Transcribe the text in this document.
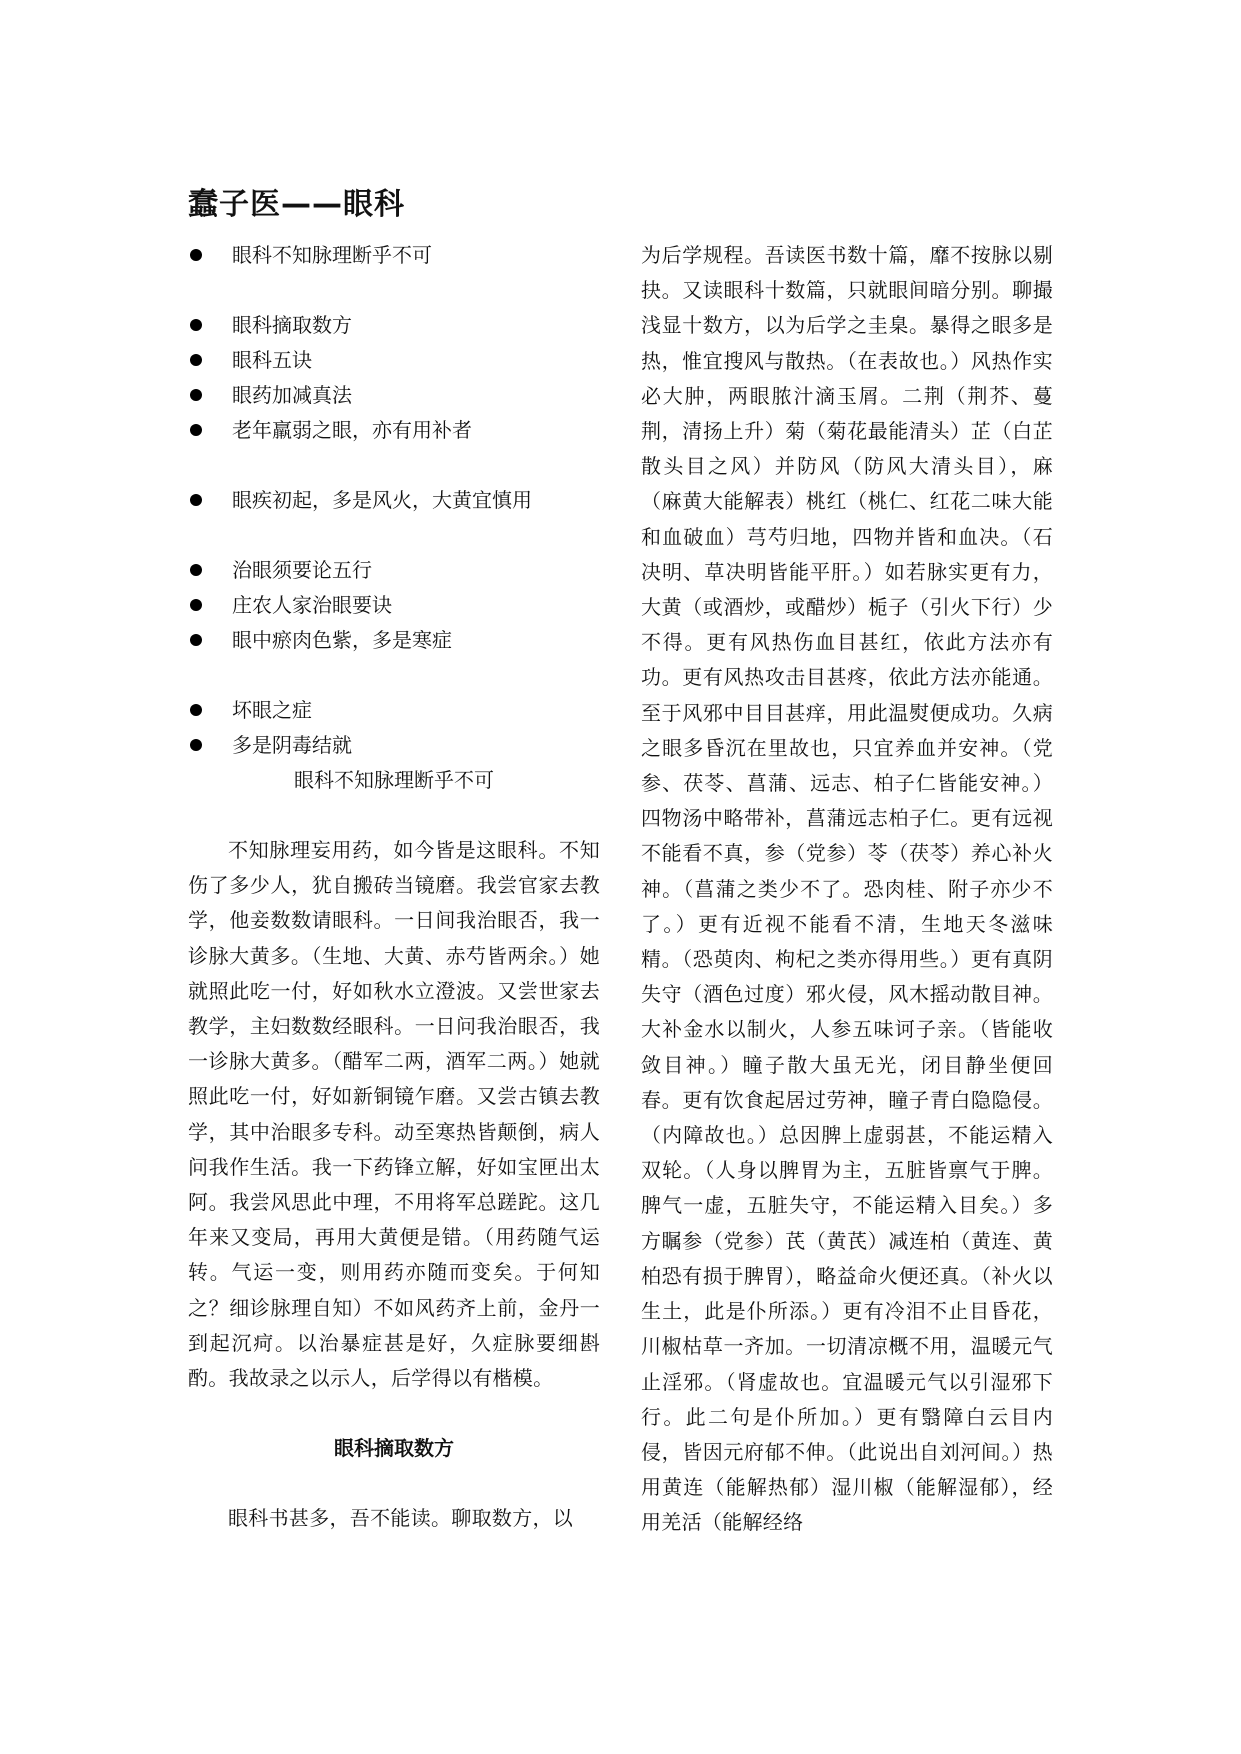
蠢子医——眼科
眼科不知脉理断乎不可
眼科摘取数方
眼科五诀
眼药加减真法
老年羸弱之眼，亦有用补者
眼疾初起，多是风火，大黄宜慎用
治眼须要论五行
庄农人家治眼要诀
眼中瘀肉色紫，多是寒症
坏眼之症
多是阴毒结就
眼科不知脉理断乎不可

不知脉理妄用药，如今皆是这眼科。不知伤了多少人，犹自搬砖当镜磨。我尝官家去教学，他妾数数请眼科。一日间我治眼否，我一诊脉大黄多。（生地、大黄、赤芍皆两余。）她就照此吃一付，好如秋水立澄波。又尝世家去教学，主妇数数经眼科。一日问我治眼否，我一诊脉大黄多。（醋军二两，酒军二两。）她就照此吃一付，好如新铜镜乍磨。又尝古镇去教学，其中治眼多专科。动至寒热皆颠倒，病人问我作生活。我一下药锋立解，好如宝匣出太阿。我尝风思此中理，不用将军总蹉跎。这几年来又变局，再用大黄便是错。（用药随气运转。气运一变，则用药亦随而变矣。于何知之？细诊脉理自知）不如风药齐上前，金丹一到起沉疴。以治暴症甚是好，久症脉要细斟酌。我故录之以示人，后学得以有楷模。

眼科摘取数方

眼科书甚多，吾不能读。聊取数方，以

为后学规程。吾读医书数十篇，靡不按脉以剔抉。又读眼科十数篇，只就眼间暗分别。聊撮浅显十数方，以为后学之圭臬。暴得之眼多是热，惟宜搜风与散热。（在表故也。）风热作实必大肿，两眼脓汁滴玉屑。二荆（荆芥、蔓荆，清扬上升）菊（菊花最能清头）芷（白芷散头目之风）并防风（防风大清头目），麻（麻黄大能解表）桃红（桃仁、红花二味大能和血破血）芎芍归地，四物并皆和血决。（石决明、草决明皆能平肝。）如若脉实更有力，大黄（或酒炒，或醋炒）栀子（引火下行）少不得。更有风热伤血目甚红，依此方法亦有功。更有风热攻击目甚疼，依此方法亦能通。至于风邪中目目甚痒，用此温熨便成功。久病之眼多昏沉在里故也，只宜养血并安神。（党参、茯苓、菖蒲、远志、柏子仁皆能安神。）四物汤中略带补，菖蒲远志柏子仁。更有远视不能看不真，参（党参）苓（茯苓）养心补火神。（菖蒲之类少不了。恐肉桂、附子亦少不了。）更有近视不能看不清，生地天冬滋味精。（恐萸肉、枸杞之类亦得用些。）更有真阴失守（酒色过度）邪火侵，风木摇动散目神。大补金水以制火，人参五味诃子亲。（皆能收敛目神。）瞳子散大虽无光，闭目静坐便回春。更有饮食起居过劳神，瞳子青白隐隐侵。（内障故也。）总因脾上虚弱甚，不能运精入双轮。（人身以脾胃为主，五脏皆禀气于脾。脾气一虚，五脏失守，不能运精入目矣。）多方瞩参（党参）芪（黄芪）减连柏（黄连、黄柏恐有损于脾胃），略益命火便还真。（补火以生土，此是仆所添。）更有冷泪不止目昏花，川椒枯草一齐加。一切清凉概不用，温暖元气止淫邪。（肾虚故也。宜温暖元气以引湿邪下行。此二句是仆所加。）更有翳障白云目内侵，皆因元府郁不伸。（此说出自刘河间。）热用黄连（能解热郁）湿川椒（能解湿郁），经用羌活（能解经络
